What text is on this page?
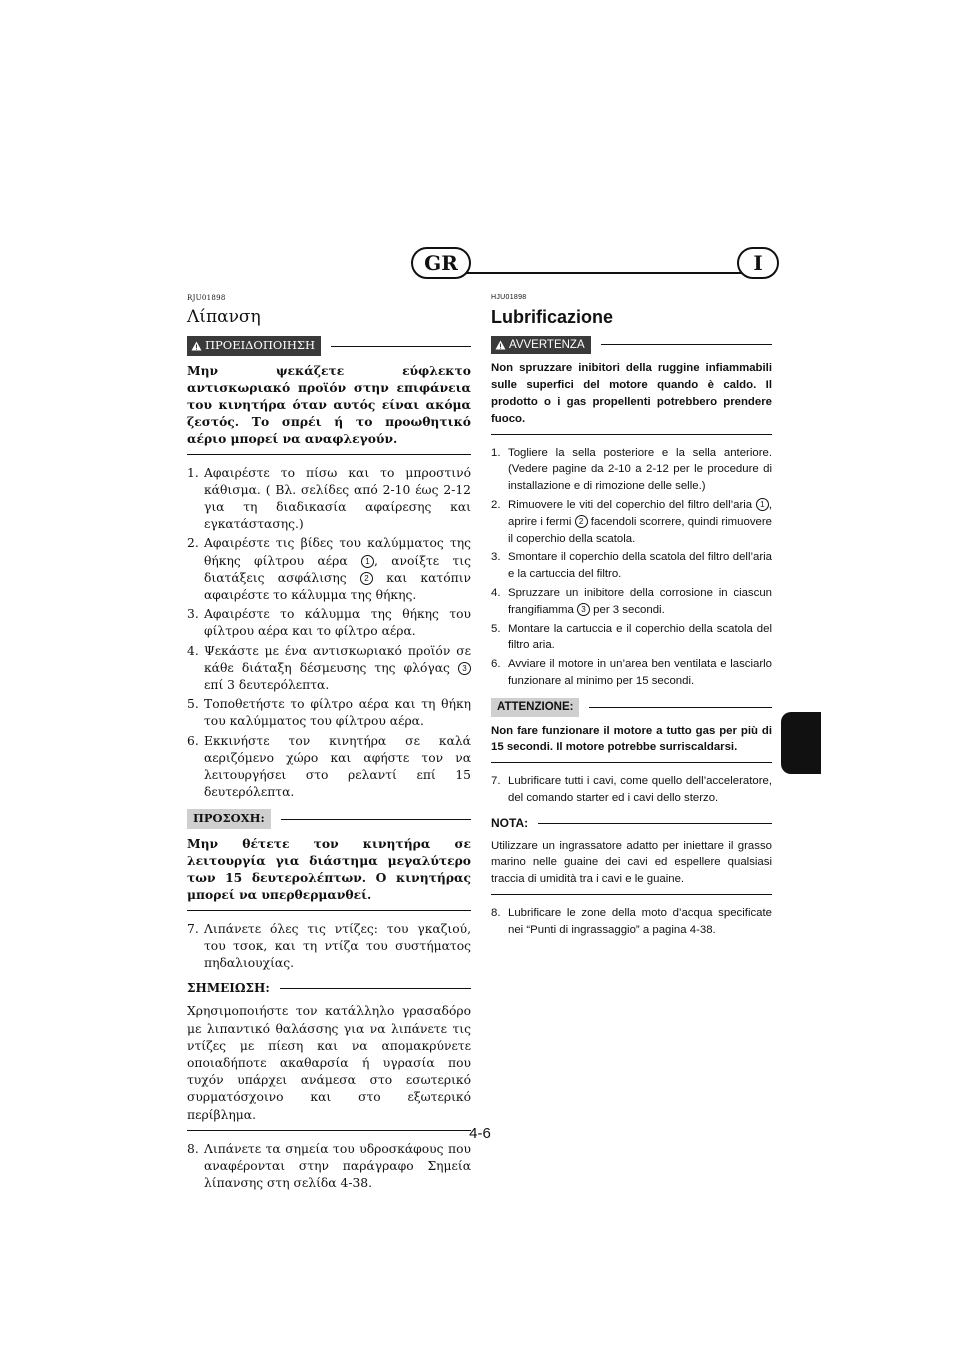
GR	I
RJU01898
Λίπανση
ΠΡΟΕΙΔΟΠΟΙΗΣΗ

Μην ψεκάζετε εύφλεκτο αντισκωριακό προϊόν στην επιφάνεια του κινητήρα όταν αυτός είναι ακόμα ζεστός. Το σπρέι ή το προωθητικό αέριο μπορεί να αναφλεγούν.

1. Αφαιρέστε το πίσω και το μπροστινό κάθισμα. ( Βλ. σελίδες από 2-10 έως 2-12 για τη διαδικασία αφαίρεσης και εγκατάστασης.)
2. Αφαιρέστε τις βίδες του καλύμματος της θήκης φίλτρου αέρα 1 , ανοίξτε τις διατάξεις ασφάλισης 2 και κατόπιν αφαιρέστε το κάλυμμα της θήκης.
3. Αφαιρέστε το κάλυμμα της θήκης του φίλτρου αέρα και το φίλτρο αέρα.
4. Ψεκάστε με ένα αντισκωριακό προϊόν σε κάθε διάταξη δέσμευσης της φλόγας 3 επί 3 δευτερόλεπτα.
5. Τοποθετήστε το φίλτρο αέρα και τη θήκη του καλύμματος του φίλτρου αέρα.
6. Εκκινήστε τον κινητήρα σε καλά αεριζόμενο χώρο και αφήστε τον να λειτουργήσει στο ρελαντί επί 15 δευτερόλεπτα.
ΠΡΟΣΟΧΗ:

Μην θέτετε τον κινητήρα σε λειτουργία για διάστημα μεγαλύτερο των 15 δευτερολέπτων. Ο κινητήρας μπορεί να υπερθερμανθεί.

7. Λιπάνετε όλες τις ντίζες: του γκαζιού, του τσοκ, και τη ντίζα του συστήματος πηδαλιουχίας.
ΣΗΜΕΙΩΣΗ:

Χρησιμοποιήστε τον κατάλληλο γρασαδόρο με λιπαντικό θαλάσσης για να λιπάνετε τις ντίζες με πίεση και να απομακρύνετε οποιαδήποτε ακαθαρσία ή υγρασία που τυχόν υπάρχει ανάμεσα στο εσωτερικό συρματόσχοινο και στο εξωτερικό περίβλημα.

8. Λιπάνετε τα σημεία του υδροσκάφους που αναφέρονται στην παράγραφο Σημεία λίπανσης στη σελίδα 4-38.
HJU01898
Lubrificazione
AVVERTENZA

Non spruzzare inibitori della ruggine infiammabili sulle superfici del motore quando è caldo. Il prodotto o i gas propellenti potrebbero prendere fuoco.

1. Togliere la sella posteriore e la sella anteriore. (Vedere pagine da 2-10 a 2-12 per le procedure di installazione e di rimozione delle selle.)
2. Rimuovere le viti del coperchio del filtro dell’aria 1 , aprire i fermi 2 facendoli scorrere, quindi rimuovere il coperchio della scatola.
3. Smontare il coperchio della scatola del filtro dell’aria e la cartuccia del filtro.
4. Spruzzare un inibitore della corrosione in ciascun frangifiamma 3 per 3 secondi.
5. Montare la cartuccia e il coperchio della scatola del filtro aria.
6. Avviare il motore in un’area ben ventilata e lasciarlo funzionare al minimo per 15 secondi.
ATTENZIONE:

Non fare funzionare il motore a tutto gas per più di 15 secondi. Il motore potrebbe surriscaldarsi.

7. Lubrificare tutti i cavi, come quello dell’acceleratore, del comando starter ed i cavi dello sterzo.
NOTA:

Utilizzare un ingrassatore adatto per iniettare il grasso marino nelle guaine dei cavi ed espellere qualsiasi traccia di umidità tra i cavi e le guaine.

8. Lubrificare le zone della moto d’acqua specificate nei “Punti di ingrassaggio” a pagina 4-38.
4-6
